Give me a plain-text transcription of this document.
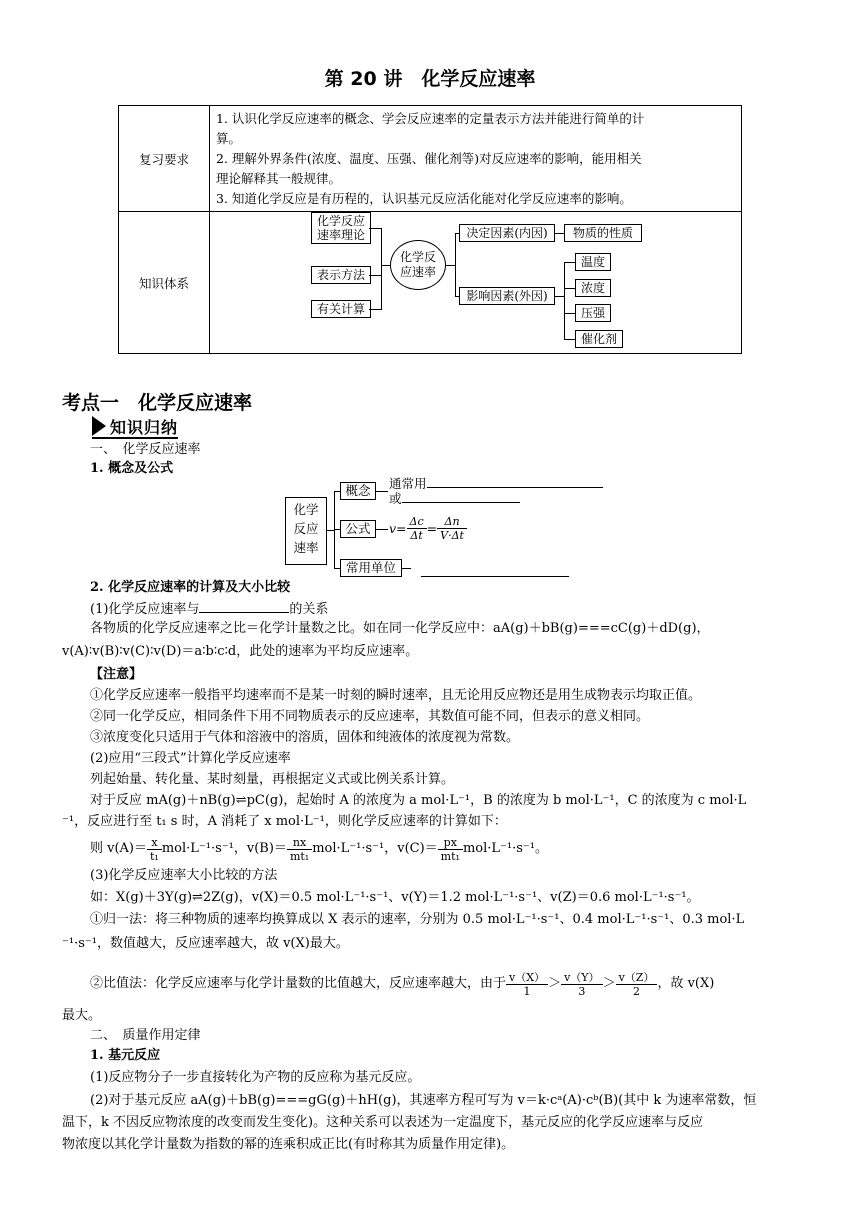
第 20 讲　化学反应速率
复习要求	1. 认识化学反应速率的概念、学会反应速率的定量表示方法并能进行简单的计
算。
2. 理解外界条件(浓度、温度、压强、催化剂等)对反应速率的影响，能用相关
理论解释其一般规律。
3. 知道化学反应是有历程的，认识基元反应活化能对化学反应速率的影响。

知识体系	
化学反应
速率理论
表示方法
有关计算
化学反
应速率
决定因素(内因)	物质的性质
影响因素(外因)
温度
浓度
压强
催化剂
考点一　化学反应速率
知识归纳
一、　化学反应速率
1. 概念及公式
化学
反应
速率
概念	通常用
或
公式	$v= \frac{\Delta c}{\Delta t} = \frac{\Delta n}{V\cdot\Delta t}$
常用单位
2. 化学反应速率的计算及大小比较
(1)化学反应速率与	的关系
各物质的化学反应速率之比＝化学计量数之比。如在同一化学反应中：aA(g)＋bB(g)===cC(g)＋dD(g)，
v(A)∶v(B)∶v(C)∶v(D)＝a∶b∶c∶d，此处的速率为平均反应速率。
【注意】
①化学反应速率一般指平均速率而不是某一时刻的瞬时速率，且无论用反应物还是用生成物表示均取正值。
②同一化学反应，相同条件下用不同物质表示的反应速率，其数值可能不同，但表示的意义相同。
③浓度变化只适用于气体和溶液中的溶质，固体和纯液体的浓度视为常数。
(2)应用“三段式”计算化学反应速率
列起始量、转化量、某时刻量，再根据定义式或比例关系计算。
对于反应 mA(g)＋nB(g)⇌pC(g)，起始时 A 的浓度为 a mol·L⁻¹，B 的浓度为 b mol·L⁻¹，C 的浓度为 c mol·L
⁻¹，反应进行至 t₁ s 时，A 消耗了 x mol·L⁻¹，则化学反应速率的计算如下：
则 $v(A)= \frac{x}{\text{t₁}} mol\cdot L^{-1}\cdot s^{-1}$，$v(B)= \frac{nx}{\text{mt₁}} mol\cdot L^{-1}\cdot s^{-1}$，$v(C)= \frac{px}{\text{mt₁}} mol\cdot L^{-1}\cdot s^{-1}$。
(3)化学反应速率大小比较的方法
如：X(g)＋3Y(g)⇌2Z(g)，v(X)＝0.5 mol·L⁻¹·s⁻¹、v(Y)＝1.2 mol·L⁻¹·s⁻¹、v(Z)＝0.6 mol·L⁻¹·s⁻¹。
①归一法：将三种物质的速率均换算成以 X 表示的速率，分别为 0.5 mol·L⁻¹·s⁻¹、0.4 mol·L⁻¹·s⁻¹、0.3 mol·L
⁻¹·s⁻¹，数值越大，反应速率越大，故 v(X)最大。
②比值法：化学反应速率与化学计量数的比值越大，反应速率越大，由于 $\frac{v(X)}{1} > \frac{v(Y)}{3} > \frac{v(Z)}{2}$ ，故 v(X)
最大。
二、　质量作用定律
1. 基元反应
(1)反应物分子一步直接转化为产物的反应称为基元反应。
(2)对于基元反应 aA(g)＋bB(g)===gG(g)＋hH(g)，其速率方程可写为 v＝k·cᵃ(A)·cᵇ(B)(其中 k 为速率常数，恒
温下，k 不因反应物浓度的改变而发生变化)。这种关系可以表述为一定温度下，基元反应的化学反应速率与反应
物浓度以其化学计量数为指数的幂的连乘积成正比(有时称其为质量作用定律)。
